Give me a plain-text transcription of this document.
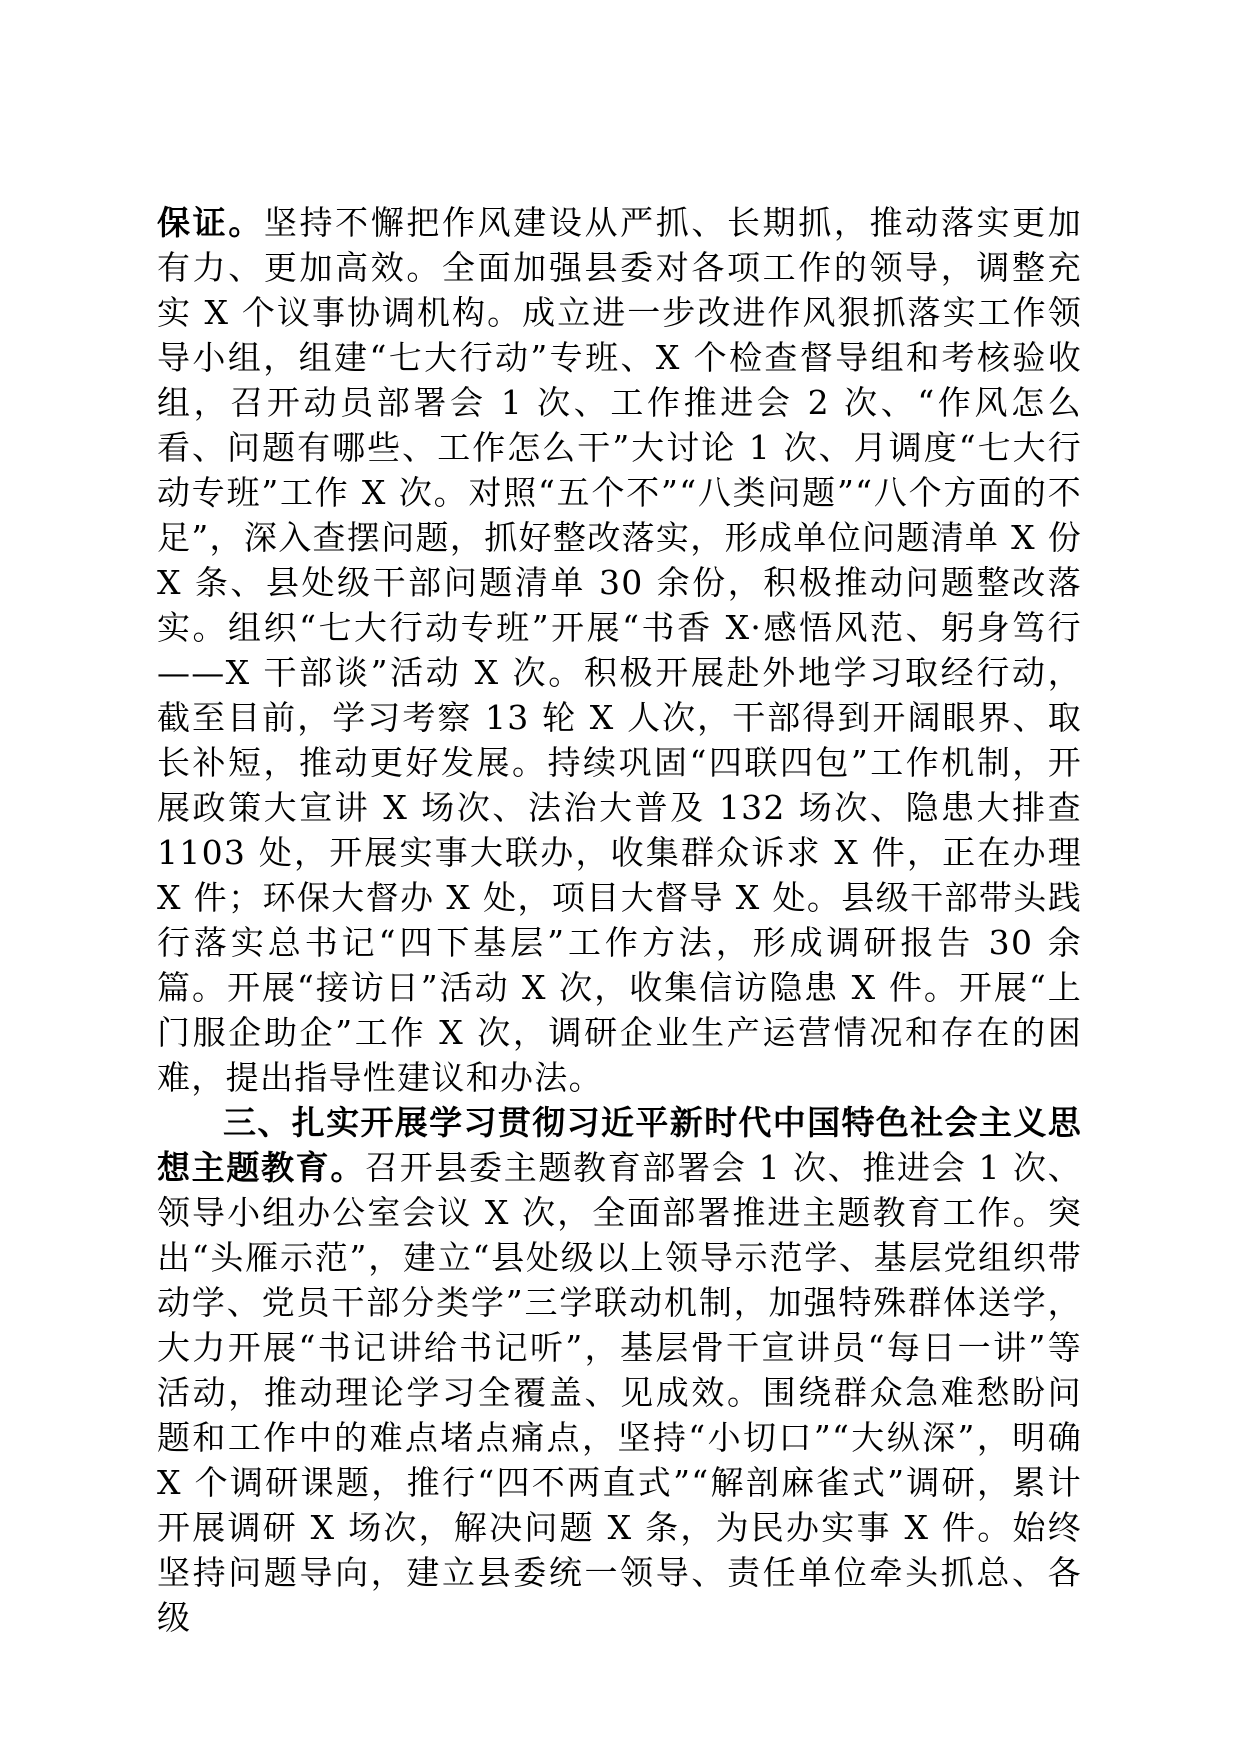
保证。坚持不懈把作风建设从严抓、长期抓，推动落实更加有力、更加高效。全面加强县委对各项工作的领导，调整充实 X 个议事协调机构。成立进一步改进作风狠抓落实工作领导小组，组建“七大行动”专班、X 个检查督导组和考核验收组，召开动员部署会 1 次、工作推进会 2 次、“作风怎么看、问题有哪些、工作怎么干”大讨论 1 次、月调度“七大行动专班”工作 X 次。对照“五个不”“八类问题”“八个方面的不足”，深入查摆问题，抓好整改落实，形成单位问题清单 X 份 X 条、县处级干部问题清单 30 余份，积极推动问题整改落实。组织“七大行动专班”开展“书香 X·感悟风范、躬身笃行——X 干部谈”活动 X 次。积极开展赴外地学习取经行动，截至目前，学习考察 13 轮 X 人次，干部得到开阔眼界、取长补短，推动更好发展。持续巩固“四联四包”工作机制，开展政策大宣讲 X 场次、法治大普及 132 场次、隐患大排查 1103 处，开展实事大联办，收集群众诉求 X 件，正在办理 X 件；环保大督办 X 处，项目大督导 X 处。县级干部带头践行落实总书记“四下基层”工作方法，形成调研报告 30 余篇。开展“接访日”活动 X 次，收集信访隐患 X 件。开展“上门服企助企”工作 X 次，调研企业生产运营情况和存在的困难，提出指导性建议和办法。

三、扎实开展学习贯彻习近平新时代中国特色社会主义思想主题教育。召开县委主题教育部署会 1 次、推进会 1 次、领导小组办公室会议 X 次，全面部署推进主题教育工作。突出“头雁示范”，建立“县处级以上领导示范学、基层党组织带动学、党员干部分类学”三学联动机制，加强特殊群体送学，大力开展“书记讲给书记听”，基层骨干宣讲员“每日一讲”等活动，推动理论学习全覆盖、见成效。围绕群众急难愁盼问题和工作中的难点堵点痛点，坚持“小切口”“大纵深”，明确 X 个调研课题，推行“四不两直式”“解剖麻雀式”调研，累计开展调研 X 场次，解决问题 X 条，为民办实事 X 件。始终坚持问题导向，建立县委统一领导、责任单位牵头抓总、各级
